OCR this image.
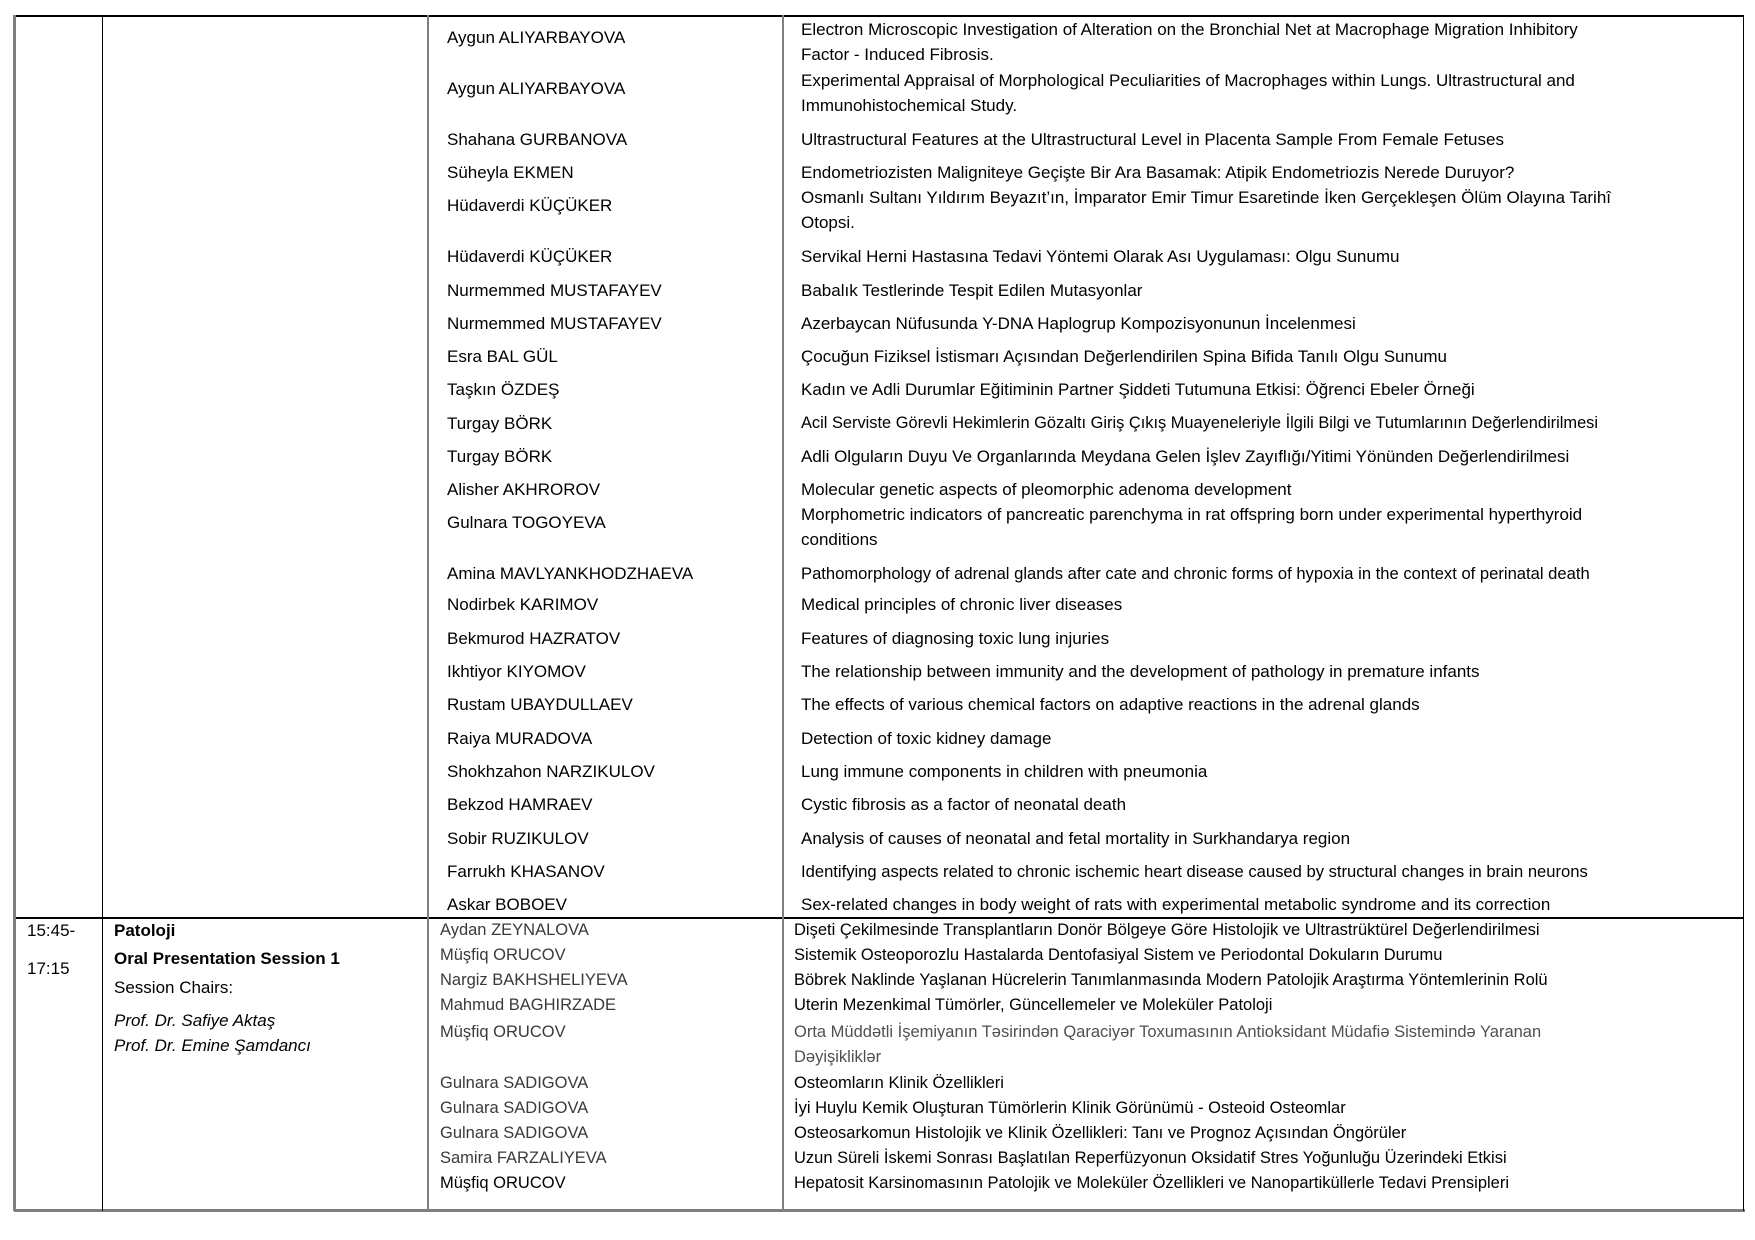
Aygun ALIYARBAYOVA	Electron Microscopic Investigation of Alteration on the Bronchial Net at Macrophage Migration Inhibitory
Factor - Induced Fibrosis.
Aygun ALIYARBAYOVA	Experimental Appraisal of Morphological Peculiarities of Macrophages within Lungs. Ultrastructural and
Immunohistochemical Study.
Shahana GURBANOVA	Ultrastructural Features at the Ultrastructural Level in Placenta Sample From Female Fetuses
Süheyla EKMEN	Endometriozisten Maligniteye Geçişte Bir Ara Basamak: Atipik Endometriozis Nerede Duruyor?
Hüdaverdi KÜÇÜKER	Osmanlı Sultanı Yıldırım Beyazıt’ın, İmparator Emir Timur Esaretinde İken Gerçekleşen Ölüm Olayına Tarihî
Otopsi.
Hüdaverdi KÜÇÜKER	Servikal Herni Hastasına Tedavi Yöntemi Olarak Ası Uygulaması: Olgu Sunumu
Nurmemmed MUSTAFAYEV	Babalık Testlerinde Tespit Edilen Mutasyonlar
Nurmemmed MUSTAFAYEV	Azerbaycan Nüfusunda Y-DNA Haplogrup Kompozisyonunun İncelenmesi
Esra BAL GÜL	Çocuğun Fiziksel İstismarı Açısından Değerlendirilen Spina Bifida Tanılı Olgu Sunumu
Taşkın ÖZDEŞ	Kadın ve Adli Durumlar Eğitiminin Partner Şiddeti Tutumuna Etkisi: Öğrenci Ebeler Örneği
Turgay BÖRK	Acil Serviste Görevli Hekimlerin Gözaltı Giriş Çıkış Muayeneleriyle İlgili Bilgi ve Tutumlarının Değerlendirilmesi
Turgay BÖRK	Adli Olguların Duyu Ve Organlarında Meydana Gelen İşlev Zayıflığı/Yitimi Yönünden Değerlendirilmesi
Alisher AKHROROV	Molecular genetic aspects of pleomorphic adenoma development
Gulnara TOGOYEVA	Morphometric indicators of pancreatic parenchyma in rat offspring born under experimental hyperthyroid
conditions
Amina MAVLYANKHODZHAEVA	Pathomorphology of adrenal glands after cate and chronic forms of hypoxia in the context of perinatal death
Nodirbek KARIMOV	Medical principles of chronic liver diseases
Bekmurod HAZRATOV	Features of diagnosing toxic lung injuries
Ikhtiyor KIYOMOV	The relationship between immunity and the development of pathology in premature infants
Rustam UBAYDULLAEV	The effects of various chemical factors on adaptive reactions in the adrenal glands
Raiya MURADOVA	Detection of toxic kidney damage
Shokhzahon NARZIKULOV	Lung immune components in children with pneumonia
Bekzod HAMRAEV	Cystic fibrosis as a factor of neonatal death
Sobir RUZIKULOV	Analysis of causes of neonatal and fetal mortality in Surkhandarya region
Farrukh KHASANOV	Identifying aspects related to chronic ischemic heart disease caused by structural changes in brain neurons
Askar BOBOEV	Sex-related changes in body weight of rats with experimental metabolic syndrome and its correction
15:45-
17:15
Patoloji
Oral Presentation Session 1
Session Chairs:
Prof. Dr. Safiye Aktaş
Prof. Dr. Emine Şamdancı
Aydan ZEYNALOVA	Dişeti Çekilmesinde Transplantların Donör Bölgeye Göre Histolojik ve Ultrastrüktürel Değerlendirilmesi
Müşfiq ORUCOV	Sistemik Osteoporozlu Hastalarda Dentofasiyal Sistem ve Periodontal Dokuların Durumu
Nargiz BAKHSHELIYEVA	Böbrek Naklinde Yaşlanan Hücrelerin Tanımlanmasında Modern Patolojik Araştırma Yöntemlerinin Rolü
Mahmud BAGHIRZADE	Uterin Mezenkimal Tümörler, Güncellemeler ve Moleküler Patoloji
Müşfiq ORUCOV	Orta Müddətli İşemiyanın Təsirindən Qaraciyər Toxumasının Antioksidant Müdafiə Sistemində Yaranan
Dəyişikliklər
Gulnara SADIGOVA	Osteomların Klinik Özellikleri
Gulnara SADIGOVA	İyi Huylu Kemik Oluşturan Tümörlerin Klinik Görünümü - Osteoid Osteomlar
Gulnara SADIGOVA	Osteosarkomun Histolojik ve Klinik Özellikleri: Tanı ve Prognoz Açısından Öngörüler
Samira FARZALIYEVA	Uzun Süreli İskemi Sonrası Başlatılan Reperfüzyonun Oksidatif Stres Yoğunluğu Üzerindeki Etkisi
Müşfiq ORUCOV	Hepatosit Karsinomasının Patolojik ve Moleküler Özellikleri ve Nanopartiküllerle Tedavi Prensipleri
